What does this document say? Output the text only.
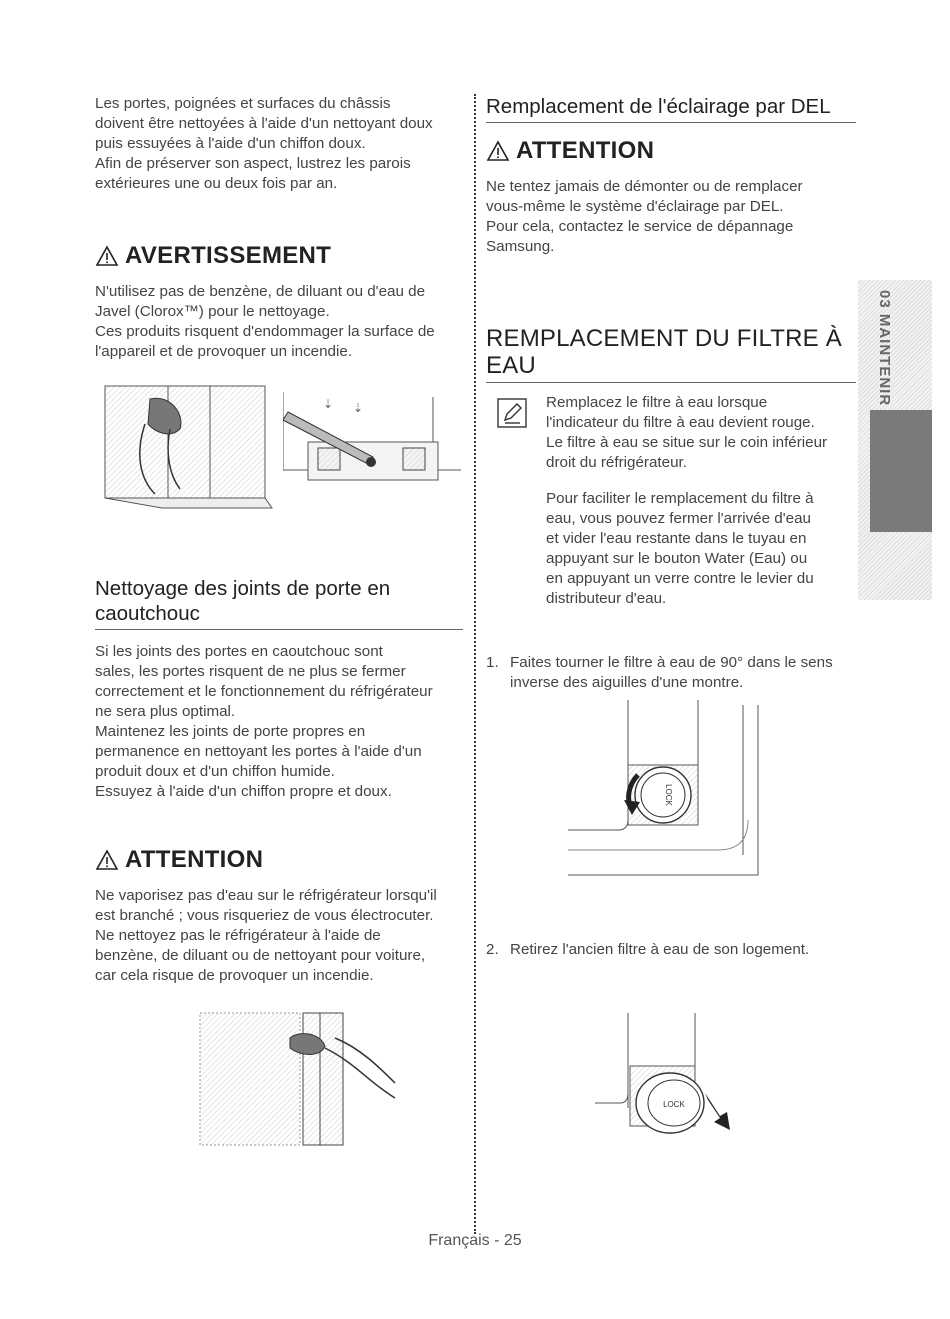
Les portes, poignées et surfaces du châssis
doivent être nettoyées à l'aide d'un nettoyant doux
puis essuyées à l'aide d'un chiffon doux.
Afin de préserver son aspect, lustrez les parois
extérieures une ou deux fois par an.

AVERTISSEMENT

N'utilisez pas de benzène, de diluant ou d'eau de
Javel (Clorox™) pour le nettoyage.
Ces produits risquent d'endommager la surface de
l'appareil et de provoquer un incendie.

⇣ ⇣
Nettoyage des joints de porte en caoutchouc

Si les joints des portes en caoutchouc sont
sales, les portes risquent de ne plus se fermer
correctement et le fonctionnement du réfrigérateur
ne sera plus optimal.
Maintenez les joints de porte propres en
permanence en nettoyant les portes à l'aide d'un
produit doux et d'un chiffon humide.
Essuyez à l'aide d'un chiffon propre et doux.

ATTENTION

Ne vaporisez pas d'eau sur le réfrigérateur lorsqu'il
est branché ; vous risqueriez de vous électrocuter.
Ne nettoyez pas le réfrigérateur à l'aide de
benzène, de diluant ou de nettoyant pour voiture,
car cela risque de provoquer un incendie.

Remplacement de l'éclairage par DEL
ATTENTION

Ne tentez jamais de démonter ou de remplacer
vous-même le système d'éclairage par DEL.
Pour cela, contactez le service de dépannage
Samsung.

REMPLACEMENT DU FILTRE À
EAU

Remplacez le filtre à eau lorsque
l'indicateur du filtre à eau devient rouge.
Le filtre à eau se situe sur le coin inférieur
droit du réfrigérateur.

Pour faciliter le remplacement du filtre à
eau, vous pouvez fermer l'arrivée d'eau
et vider l'eau restante dans le tuyau en
appuyant sur le bouton Water (Eau) ou
en appuyant un verre contre le levier du
distributeur d'eau.

1. Faites tourner le filtre à eau de 90° dans le sens
inverse des aiguilles d'une montre.
LOCK
2. Retirez l'ancien filtre à eau de son logement.
LOCK
03 MAINTENIR
Français - 25
